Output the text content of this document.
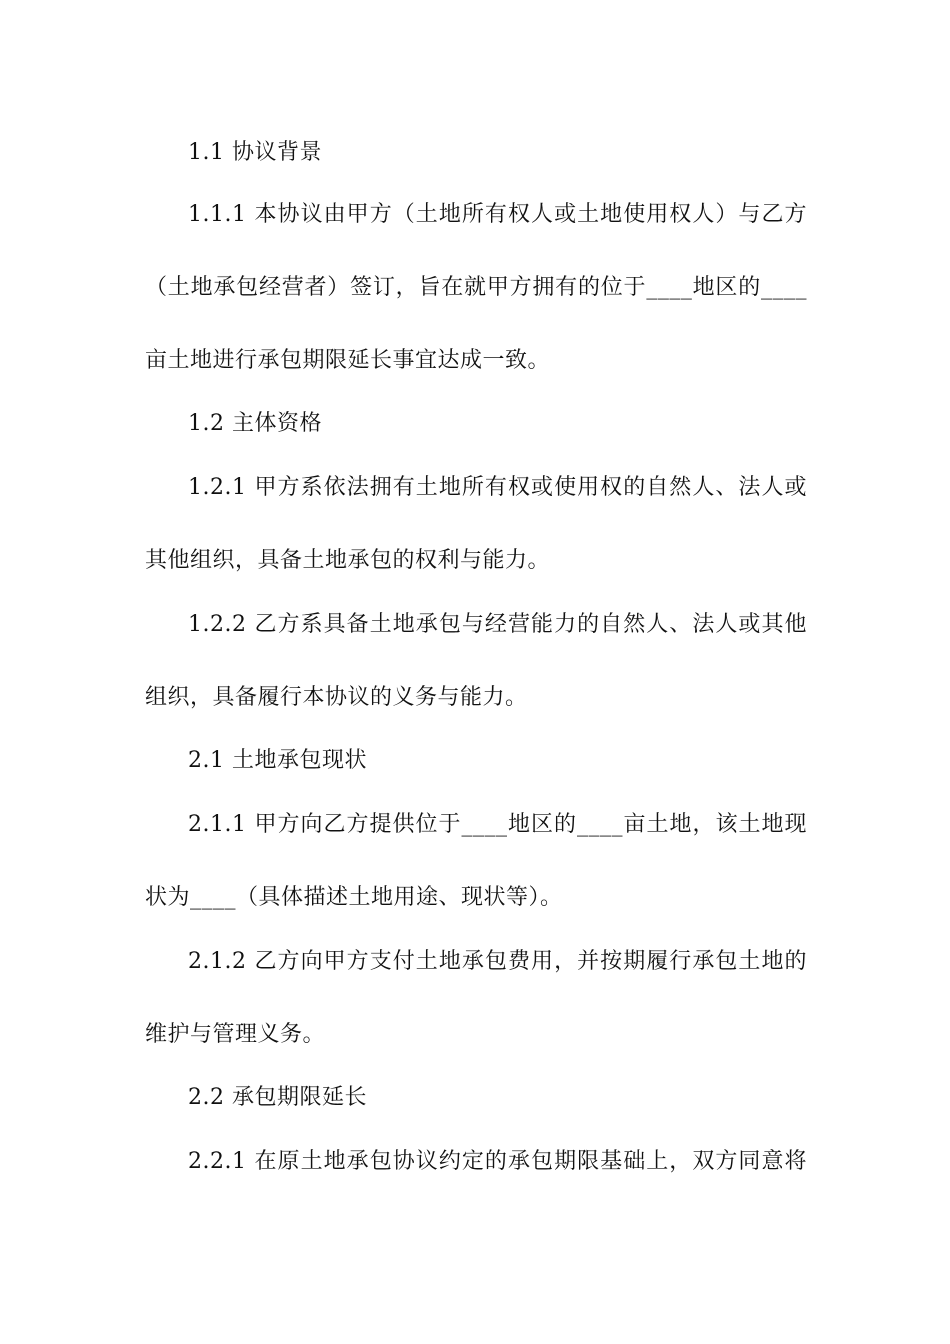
1.1 协议背景
1.1.1 本协议由甲方（土地所有权人或土地使用权人）与乙方
（土地承包经营者）签订，旨在就甲方拥有的位于____地区的____
亩土地进行承包期限延长事宜达成一致。
1.2 主体资格
1.2.1 甲方系依法拥有土地所有权或使用权的自然人、法人或
其他组织，具备土地承包的权利与能力。
1.2.2 乙方系具备土地承包与经营能力的自然人、法人或其他
组织，具备履行本协议的义务与能力。
2.1 土地承包现状
2.1.1 甲方向乙方提供位于____地区的____亩土地，该土地现
状为____（具体描述土地用途、现状等）。
2.1.2 乙方向甲方支付土地承包费用，并按期履行承包土地的
维护与管理义务。
2.2 承包期限延长
2.2.1 在原土地承包协议约定的承包期限基础上，双方同意将
